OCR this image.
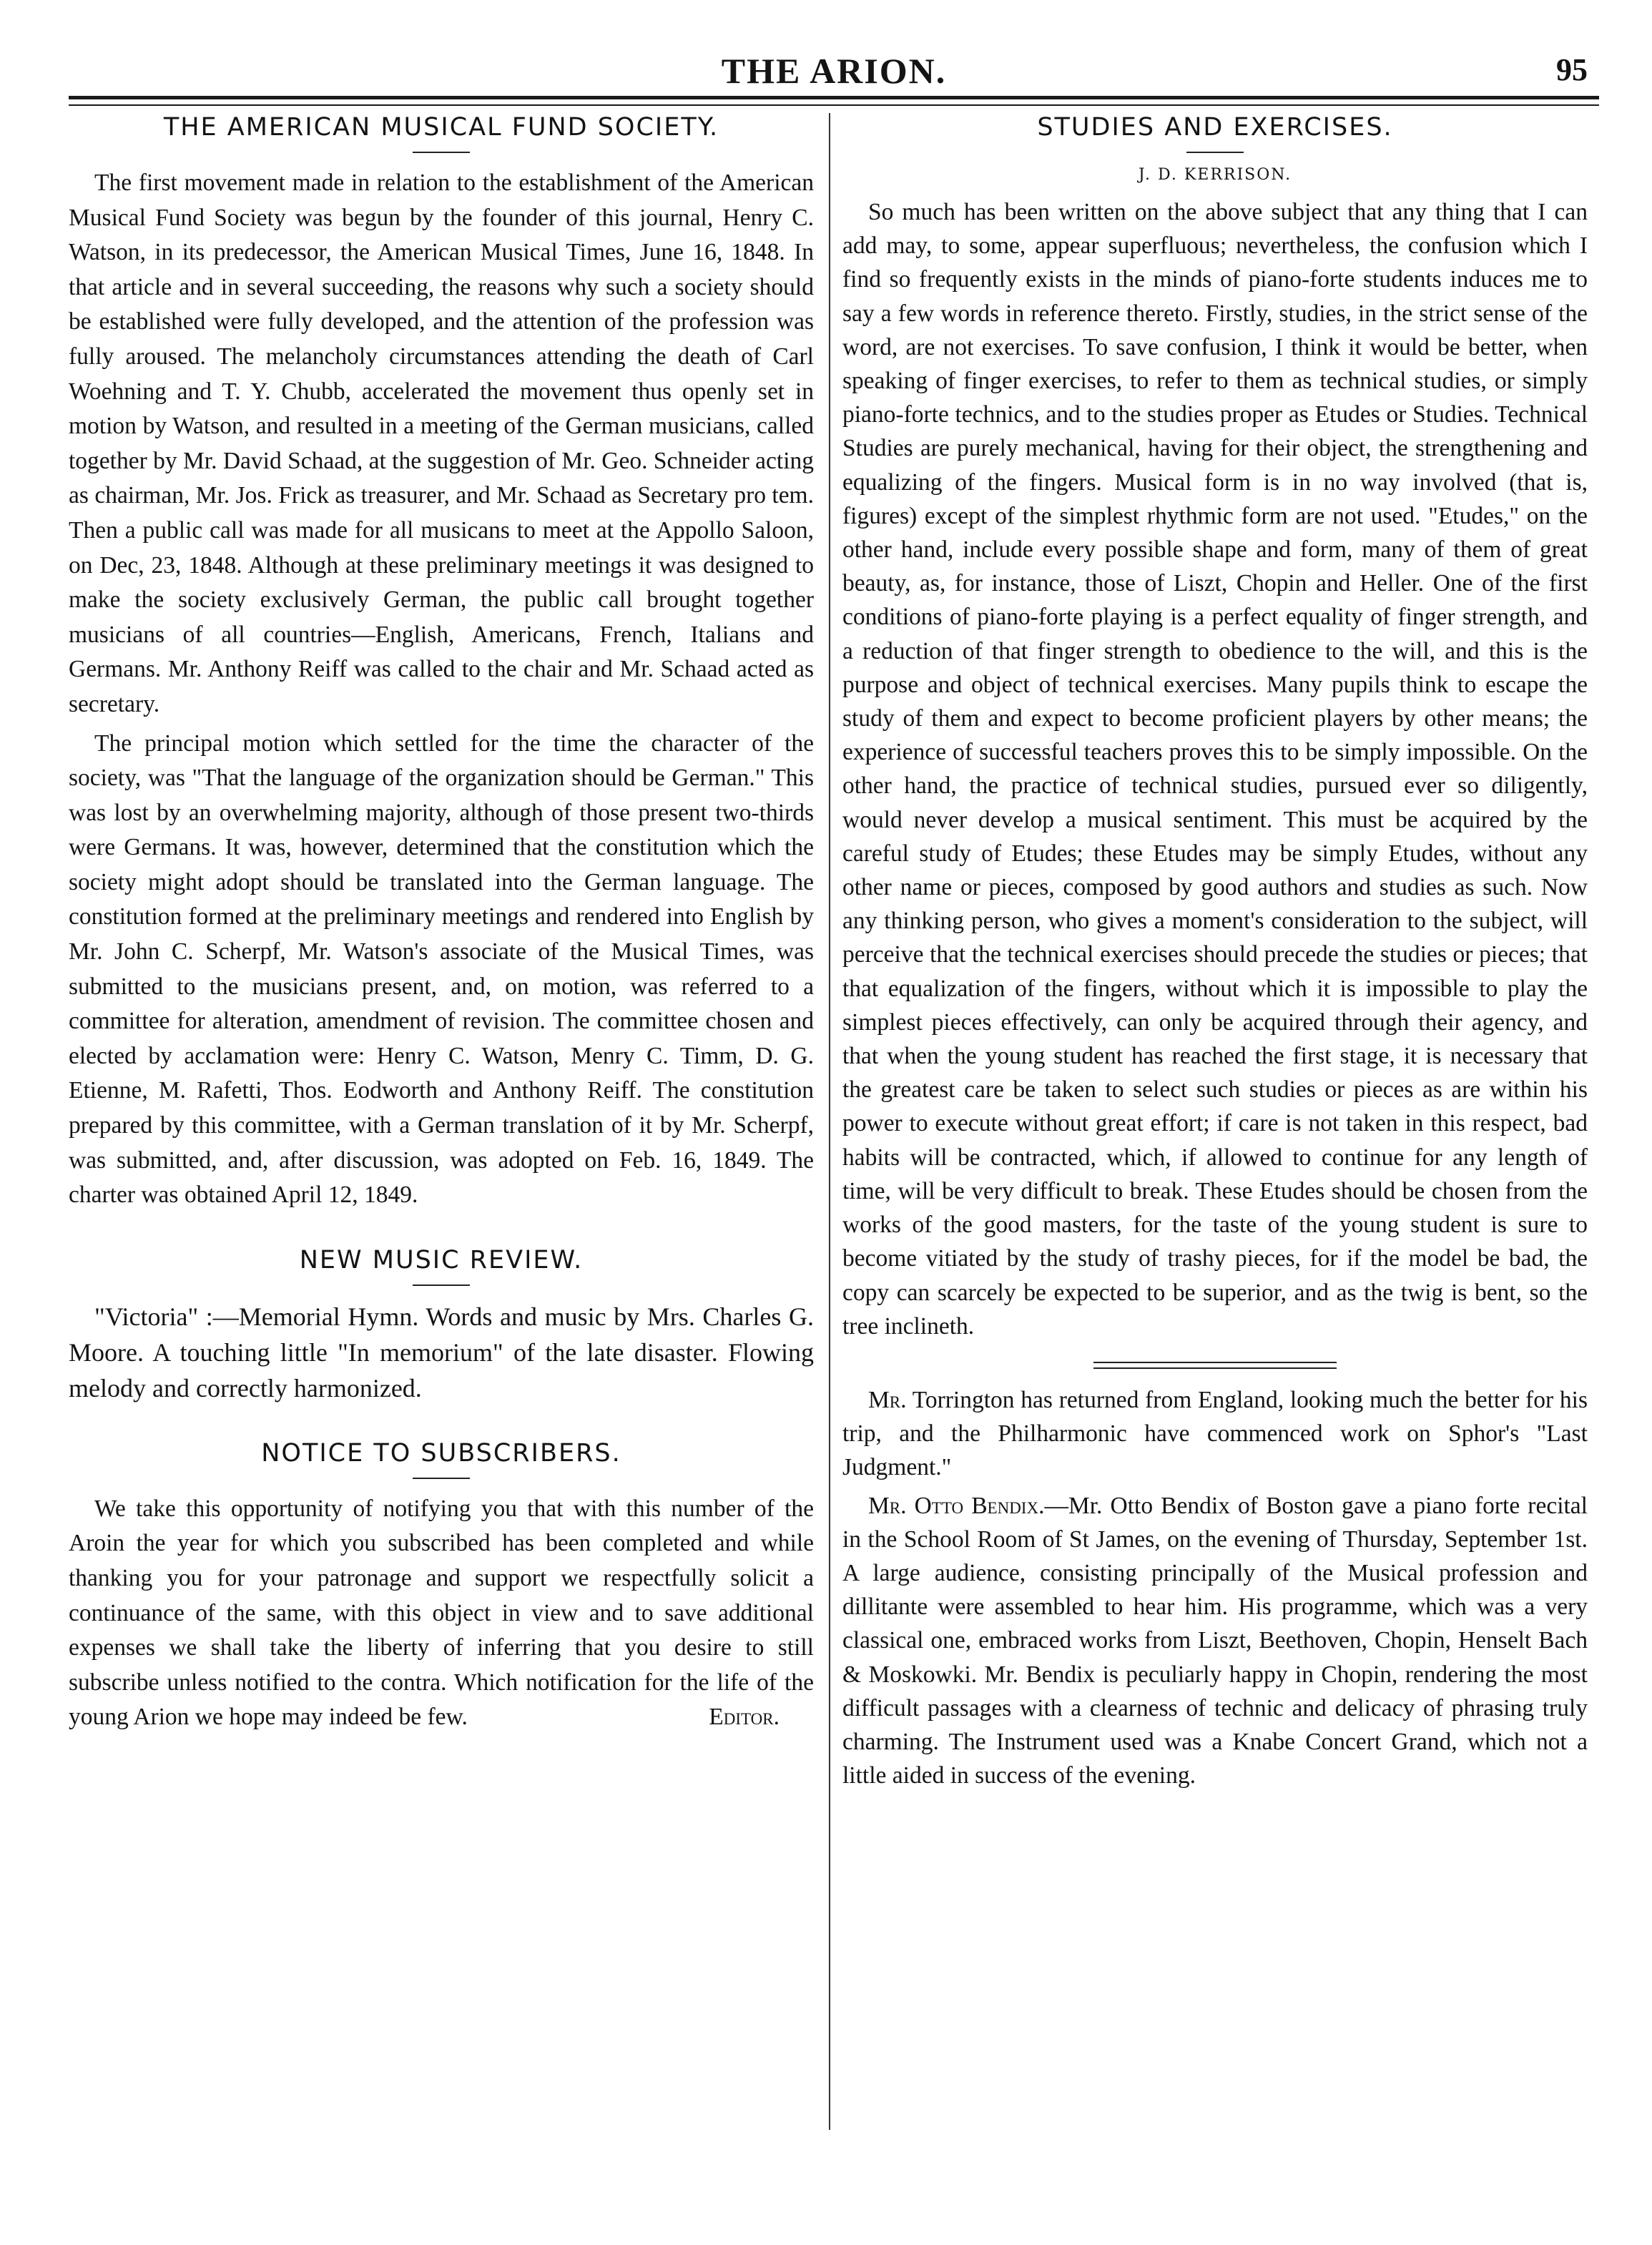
THE ARION.	95
THE AMERICAN MUSICAL FUND SOCIETY.

The first movement made in relation to the establishment of the American Musical Fund Society was begun by the founder of this journal, Henry C. Watson, in its predecessor, the American Musical Times, June 16, 1848. In that article and in several succeeding, the reasons why such a society should be established were fully developed, and the attention of the profession was fully aroused. The melancholy circumstances attending the death of Carl Woehning and T. Y. Chubb, accelerated the movement thus openly set in motion by Watson, and resulted in a meeting of the German musicians, called together by Mr. David Schaad, at the suggestion of Mr. Geo. Schneider acting as chairman, Mr. Jos. Frick as treasurer, and Mr. Schaad as Secretary pro tem. Then a public call was made for all musicans to meet at the Appollo Saloon, on Dec, 23, 1848. Although at these preliminary meetings it was designed to make the society exclusively German, the public call brought together musicians of all countries—English, Americans, French, Italians and Germans. Mr. Anthony Reiff was called to the chair and Mr. Schaad acted as secretary.

The principal motion which settled for the time the character of the society, was "That the language of the organization should be German." This was lost by an overwhelming majority, although of those present two-thirds were Germans. It was, however, determined that the constitution which the society might adopt should be translated into the German language. The constitution formed at the preliminary meetings and rendered into English by Mr. John C. Scherpf, Mr. Watson's associate of the Musical Times, was submitted to the musicians present, and, on motion, was referred to a committee for alteration, amendment of revision. The committee chosen and elected by acclamation were: Henry C. Watson, Menry C. Timm, D. G. Etienne, M. Rafetti, Thos. Eodworth and Anthony Reiff. The constitution prepared by this committee, with a German translation of it by Mr. Scherpf, was submitted, and, after discussion, was adopted on Feb. 16, 1849. The charter was obtained April 12, 1849.

NEW MUSIC REVIEW.

"Victoria" :—Memorial Hymn. Words and music by Mrs. Charles G. Moore. A touching little "In memorium" of the late disaster. Flowing melody and correctly harmonized.

NOTICE TO SUBSCRIBERS.

We take this opportunity of notifying you that with this number of the Aroin the year for which you subscribed has been completed and while thanking you for your patronage and support we respectfully solicit a continuance of the same, with this object in view and to save additional expenses we shall take the liberty of inferring that you desire to still subscribe unless notified to the contra. Which notification for the life of the young Arion we hope may indeed be few.	Editor.

STUDIES AND EXERCISES.
J. D. KERRISON.

So much has been written on the above subject that any thing that I can add may, to some, appear superfluous; nevertheless, the confusion which I find so frequently exists in the minds of piano-forte students induces me to say a few words in reference thereto. Firstly, studies, in the strict sense of the word, are not exercises. To save confusion, I think it would be better, when speaking of finger exercises, to refer to them as technical studies, or simply piano-forte technics, and to the studies proper as Etudes or Studies. Technical Studies are purely mechanical, having for their object, the strengthening and equalizing of the fingers. Musical form is in no way involved (that is, figures) except of the simplest rhythmic form are not used. "Etudes," on the other hand, include every possible shape and form, many of them of great beauty, as, for instance, those of Liszt, Chopin and Heller. One of the first conditions of piano-forte playing is a perfect equality of finger strength, and a reduction of that finger strength to obedience to the will, and this is the purpose and object of technical exercises. Many pupils think to escape the study of them and expect to become proficient players by other means; the experience of successful teachers proves this to be simply impossible. On the other hand, the practice of technical studies, pursued ever so diligently, would never develop a musical sentiment. This must be acquired by the careful study of Etudes; these Etudes may be simply Etudes, without any other name or pieces, composed by good authors and studies as such. Now any thinking person, who gives a moment's consideration to the subject, will perceive that the technical exercises should precede the studies or pieces; that that equalization of the fingers, without which it is impossible to play the simplest pieces effectively, can only be acquired through their agency, and that when the young student has reached the first stage, it is necessary that the greatest care be taken to select such studies or pieces as are within his power to execute without great effort; if care is not taken in this respect, bad habits will be contracted, which, if allowed to continue for any length of time, will be very difficult to break. These Etudes should be chosen from the works of the good masters, for the taste of the young student is sure to become vitiated by the study of trashy pieces, for if the model be bad, the copy can scarcely be expected to be superior, and as the twig is bent, so the tree inclineth.

Mr. Torrington has returned from England, looking much the better for his trip, and the Philharmonic have commenced work on Sphor's "Last Judgment."

Mr. Otto Bendix.—Mr. Otto Bendix of Boston gave a piano forte recital in the School Room of St James, on the evening of Thursday, September 1st. A large audience, consisting principally of the Musical profession and dillitante were assembled to hear him. His programme, which was a very classical one, embraced works from Liszt, Beethoven, Chopin, Henselt Bach & Moskowki. Mr. Bendix is peculiarly happy in Chopin, rendering the most difficult passages with a clearness of technic and delicacy of phrasing truly charming. The Instrument used was a Knabe Concert Grand, which not a little aided in success of the evening.
